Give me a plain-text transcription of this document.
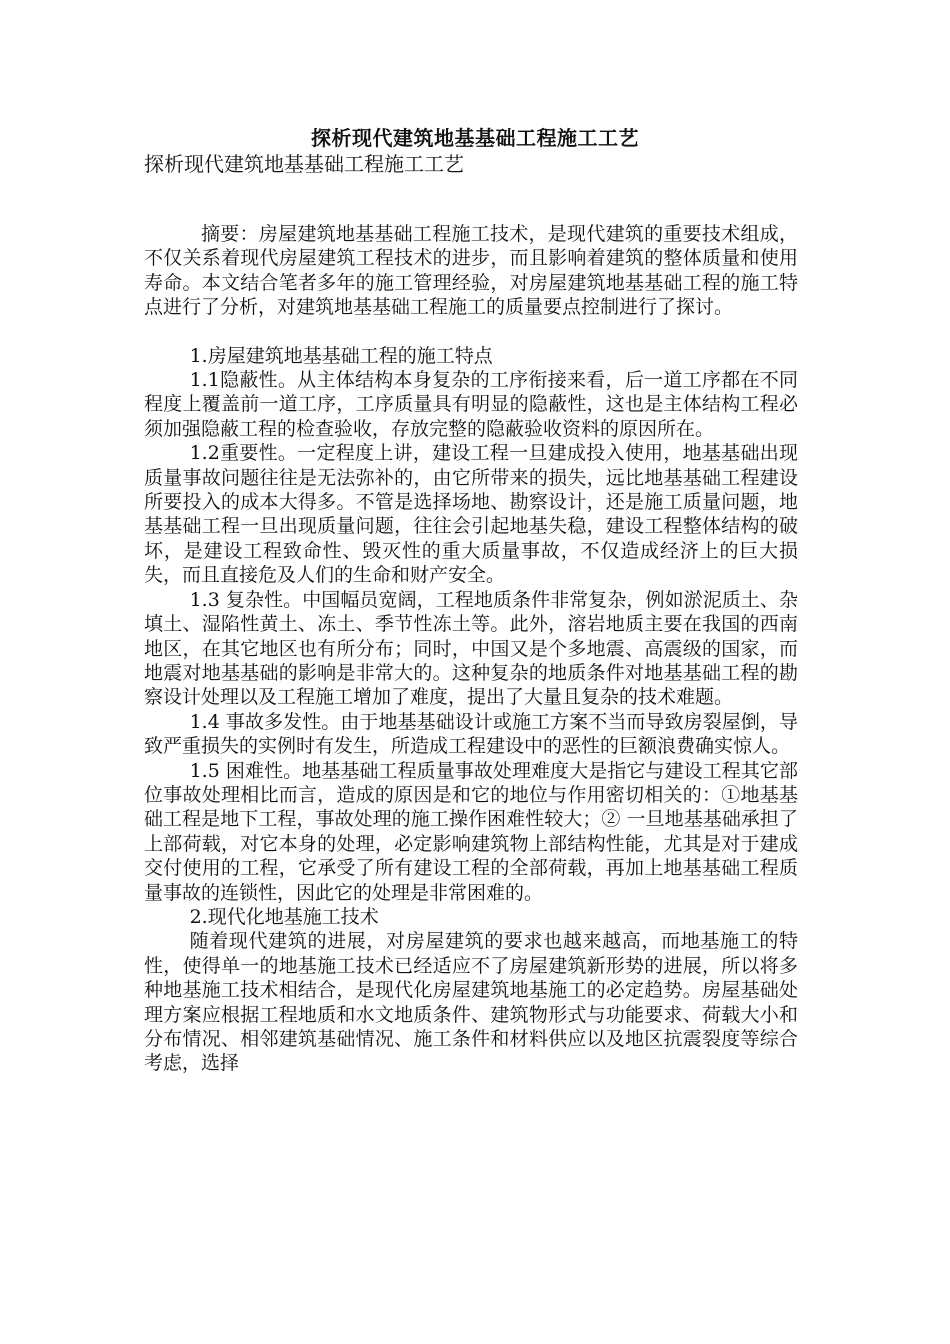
探析现代建筑地基基础工程施工工艺
探析现代建筑地基基础工程施工工艺

摘要：房屋建筑地基基础工程施工技术，是现代建筑的重要技术组成，不仅关系着现代房屋建筑工程技术的进步，而且影响着建筑的整体质量和使用寿命。本文结合笔者多年的施工管理经验，对房屋建筑地基基础工程的施工特点进行了分析，对建筑地基基础工程施工的质量要点控制进行了探讨。

1.房屋建筑地基基础工程的施工特点

1.1隐蔽性。从主体结构本身复杂的工序衔接来看，后一道工序都在不同程度上覆盖前一道工序，工序质量具有明显的隐蔽性，这也是主体结构工程必须加强隐蔽工程的检查验收，存放完整的隐蔽验收资料的原因所在。

1.2重要性。一定程度上讲，建设工程一旦建成投入使用，地基基础出现质量事故问题往往是无法弥补的，由它所带来的损失，远比地基基础工程建设所要投入的成本大得多。不管是选择场地、勘察设计，还是施工质量问题，地基基础工程一旦出现质量问题，往往会引起地基失稳，建设工程整体结构的破坏，是建设工程致命性、毁灭性的重大质量事故，不仅造成经济上的巨大损失，而且直接危及人们的生命和财产安全。

1.3 复杂性。中国幅员宽阔，工程地质条件非常复杂，例如淤泥质土、杂填土、湿陷性黄土、冻土、季节性冻土等。此外，溶岩地质主要在我国的西南地区，在其它地区也有所分布；同时，中国又是个多地震、高震级的国家，而地震对地基基础的影响是非常大的。这种复杂的地质条件对地基基础工程的勘察设计处理以及工程施工增加了难度，提出了大量且复杂的技术难题。

1.4 事故多发性。由于地基基础设计或施工方案不当而导致房裂屋倒，导致严重损失的实例时有发生，所造成工程建设中的恶性的巨额浪费确实惊人。

1.5 困难性。地基基础工程质量事故处理难度大是指它与建设工程其它部位事故处理相比而言，造成的原因是和它的地位与作用密切相关的：①地基基础工程是地下工程，事故处理的施工操作困难性较大；② 一旦地基基础承担了上部荷载，对它本身的处理，必定影响建筑物上部结构性能，尤其是对于建成交付使用的工程，它承受了所有建设工程的全部荷载，再加上地基基础工程质量事故的连锁性，因此它的处理是非常困难的。

2.现代化地基施工技术

随着现代建筑的进展，对房屋建筑的要求也越来越高，而地基施工的特性，使得单一的地基施工技术已经适应不了房屋建筑新形势的进展，所以将多种地基施工技术相结合，是现代化房屋建筑地基施工的必定趋势。房屋基础处理方案应根据工程地质和水文地质条件、建筑物形式与功能要求、荷载大小和分布情况、相邻建筑基础情况、施工条件和材料供应以及地区抗震裂度等综合考虑，选择
